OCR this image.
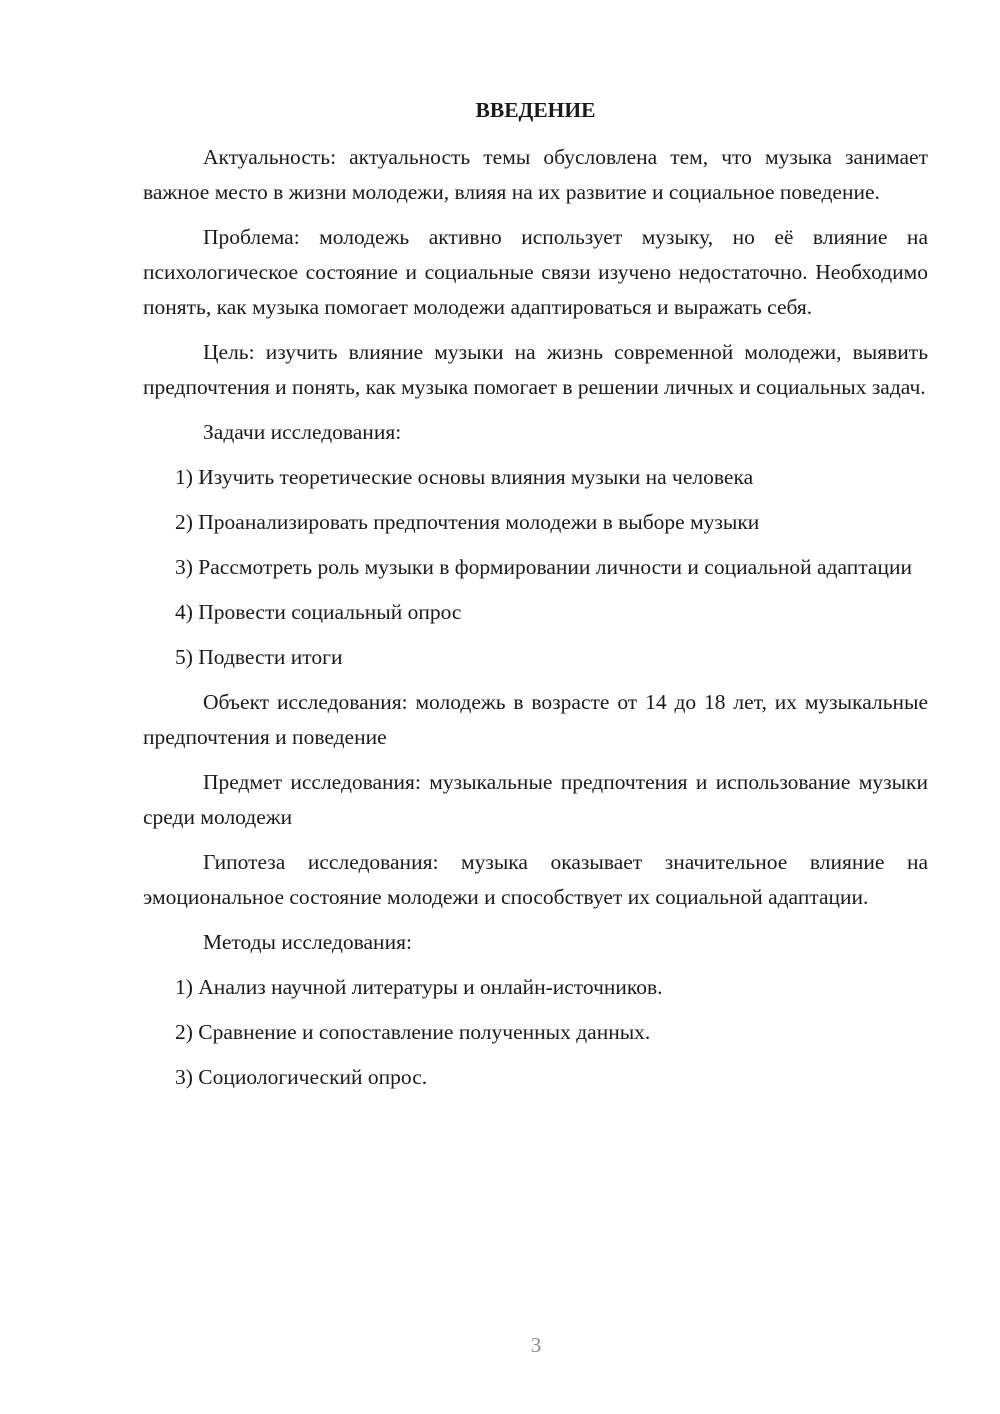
ВВЕДЕНИЕ

Актуальность: актуальность темы обусловлена тем, что музыка занимает важное место в жизни молодежи, влияя на их развитие и социальное поведение.

Проблема: молодежь активно использует музыку, но её влияние на психологическое состояние и социальные связи изучено недостаточно. Необходимо понять, как музыка помогает молодежи адаптироваться и выражать себя.

Цель: изучить влияние музыки на жизнь современной молодежи, выявить предпочтения и понять, как музыка помогает в решении личных и социальных задач.

Задачи исследования:

1) Изучить теоретические основы влияния музыки на человека

2) Проанализировать предпочтения молодежи в выборе музыки

3) Рассмотреть роль музыки в формировании личности и социальной адаптации

4) Провести социальный опрос

5) Подвести итоги

Объект исследования: молодежь в возрасте от 14 до 18 лет, их музыкальные предпочтения и поведение

Предмет исследования: музыкальные предпочтения и использование музыки среди молодежи

Гипотеза исследования: музыка оказывает значительное влияние на эмоциональное состояние молодежи и способствует их социальной адаптации.

Методы исследования:

1) Анализ научной литературы и онлайн-источников.

2) Сравнение и сопоставление полученных данных.

3) Социологический опрос.

3
